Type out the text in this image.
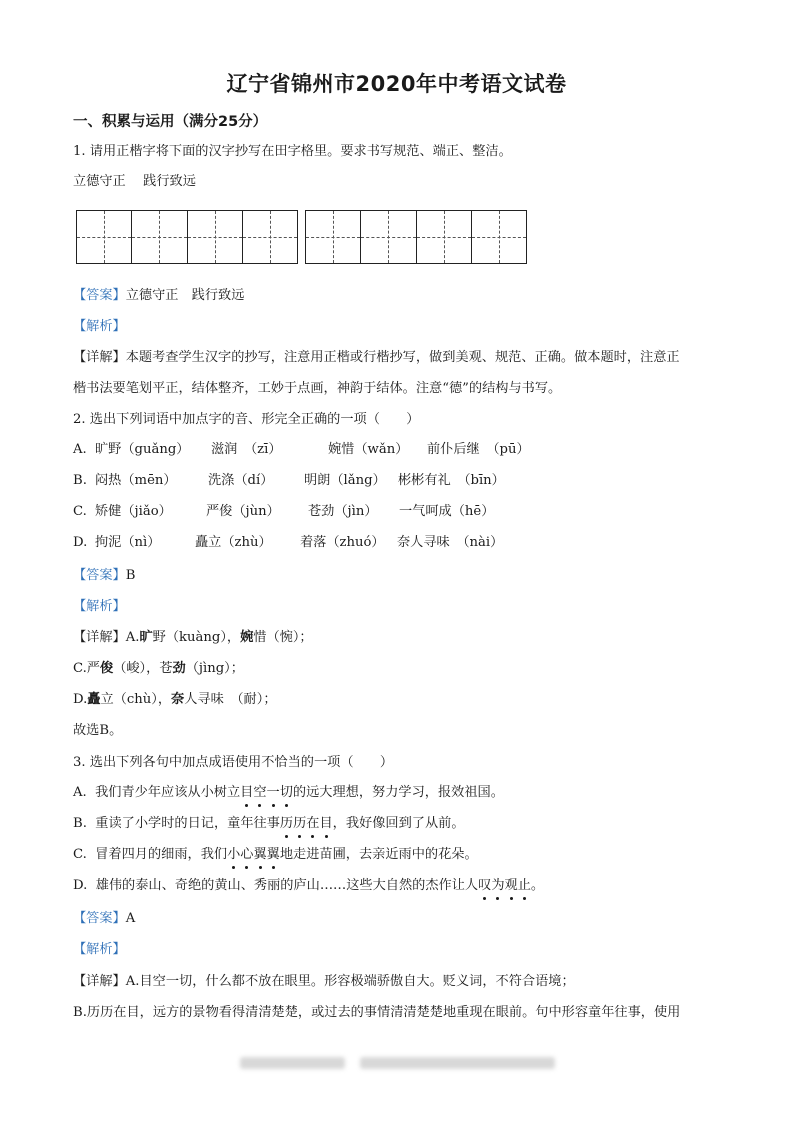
辽宁省锦州市2020年中考语文试卷
一、积累与运用（满分25分）
1. 请用正楷字将下面的汉字抄写在田字格里。要求书写规范、端正、整洁。
立德守正　 践行致远
【答案】立德守正　践行致远
【解析】
【详解】本题考查学生汉字的抄写，注意用正楷或行楷抄写，做到美观、规范、正确。做本题时，注意正
楷书法要笔划平正，结体整齐，工妙于点画，神韵于结体。注意“德”的结构与书写。
2. 选出下列词语中加点字的音、形完全正确的一项（　　）
A. 旷野（guǎng） 滋润　（zī）	婉惜（wǎn） 前仆后继　（pū）
B. 闷热（mēn） 洗涤（dí） 明朗（lǎng） 彬彬有礼　（bīn）
C. 矫健（jiǎo）	严俊（jùn） 苍劲（jìn） 一气呵成（hē）
D. 拘泥（nì）	矗立（zhù） 着落（zhuó） 奈人寻味　（nài）
【答案】B
【解析】
【详解】A.旷野（kuàng），婉惜（惋）；
C.严俊（峻），苍劲（jìng）；
D.矗立（chù），奈人寻味　（耐）；
故选B。
3. 选出下列各句中加点成语使用不恰当的一项（　　）
A. 我们青少年应该从小树立目空一切的远大理想，努力学习，报效祖国。
B. 重读了小学时的日记，童年往事历历在目，我好像回到了从前。
C. 冒着四月的细雨，我们小心翼翼地走进苗圃，去亲近雨中的花朵。
D. 雄伟的泰山、奇绝的黄山、秀丽的庐山……这些大自然的杰作让人叹为观止。
【答案】A
【解析】
【详解】A.目空一切，什么都不放在眼里。形容极端骄傲自大。贬义词，不符合语境；
B.历历在目，远方的景物看得清清楚楚，或过去的事情清清楚楚地重现在眼前。句中形容童年往事，使用
